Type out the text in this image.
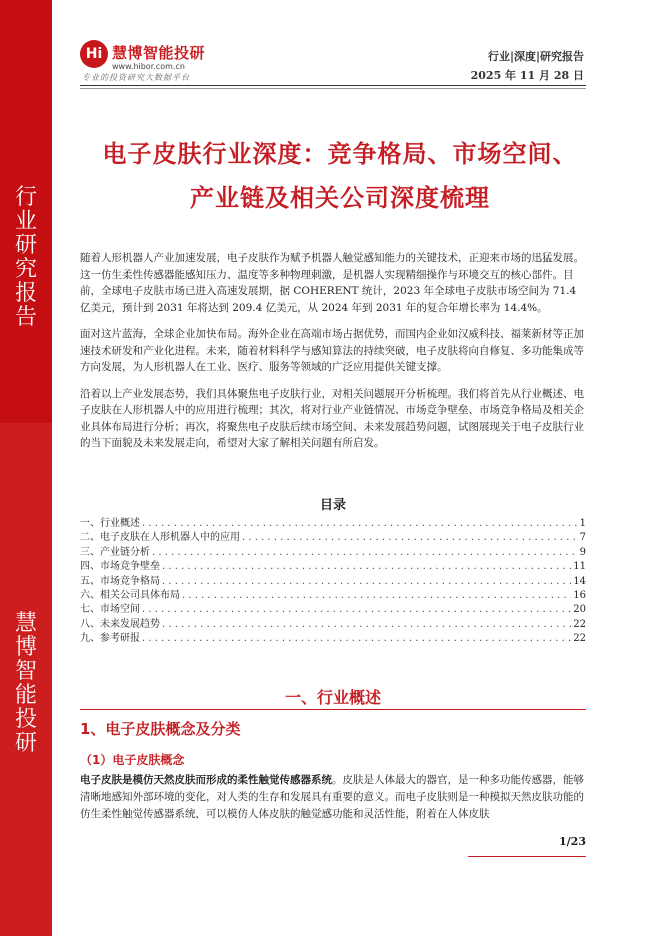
行
业
研
究
报
告
慧
博
智
能
投
研
Hi 慧博智能投研
www.hibor.com.cn
专业的投资研究大数据平台
行业|深度|研究报告
2025 年 11 月 28 日
电子皮肤行业深度：竞争格局、市场空间、
产业链及相关公司深度梳理

随着人形机器人产业加速发展，电子皮肤作为赋予机器人触觉感知能力的关键技术，正迎来市场的迅猛发展。这一仿生柔性传感器能感知压力、温度等多种物理刺激，是机器人实现精细操作与环境交互的核心部件。目前，全球电子皮肤市场已进入高速发展期，据 COHERENT 统计，2023 年全球电子皮肤市场空间为 71.4 亿美元，预计到 2031 年将达到 209.4 亿美元，从 2024 年到 2031 年的复合年增长率为 14.4%。

面对这片蓝海，全球企业加快布局。海外企业在高端市场占据优势，而国内企业如汉威科技、福莱新材等正加速技术研发和产业化进程。未来，随着材料科学与感知算法的持续突破，电子皮肤将向自修复、多功能集成等方向发展，为人形机器人在工业、医疗、服务等领域的广泛应用提供关键支撑。

沿着以上产业发展态势，我们具体聚焦电子皮肤行业，对相关问题展开分析梳理。我们将首先从行业概述、电子皮肤在人形机器人中的应用进行梳理；其次，将对行业产业链情况、市场竞争壁垒、市场竞争格局及相关企业具体布局进行分析；再次，将聚焦电子皮肤后续市场空间、未来发展趋势问题，试图展现关于电子皮肤行业的当下面貌及未来发展走向，希望对大家了解相关问题有所启发。

目录
一、行业概述 . . .	1
二、电子皮肤在人形机器人中的应用 . . .	7
三、产业链分析 . . .	9
四、市场竞争壁垒 . . .	11
五、市场竞争格局 . . .	14
六、相关公司具体布局 . . .	16
七、市场空间 . . .	20
八、未来发展趋势 . . .	22
九、参考研报 . . .	22
一、行业概述
1、电子皮肤概念及分类
（1）电子皮肤概念
电子皮肤是模仿天然皮肤而形成的柔性触觉传感器系统。皮肤是人体最大的器官，是一种多功能传感器，能够清晰地感知外部环境的变化，对人类的生存和发展具有重要的意义。而电子皮肤则是一种模拟天然皮肤功能的仿生柔性触觉传感器系统，可以模仿人体皮肤的触觉感功能和灵活性能，附着在人体皮肤
1/23
